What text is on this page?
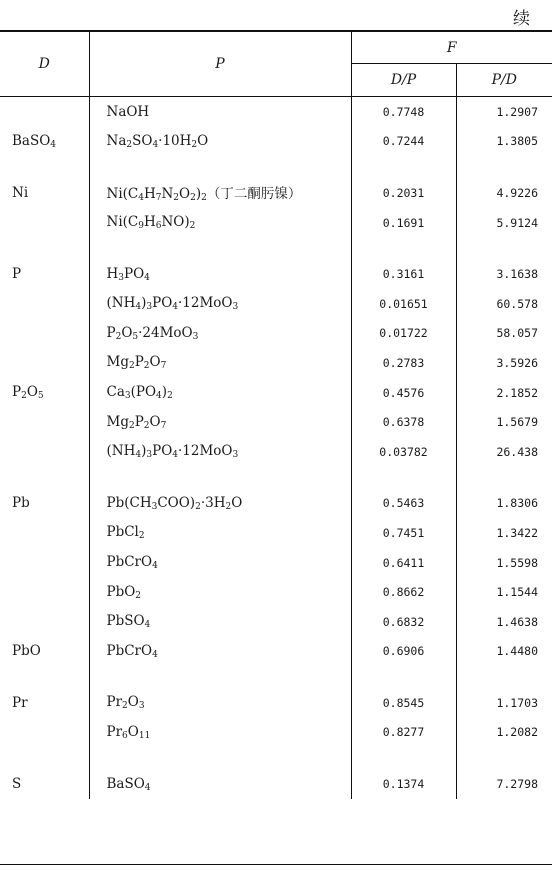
续
D	P	F	
		D/P	P/D
	NaOH	0.7748	1.2907
BaSO$_4$	$Na_2SO_4\cdot 10H_2O$	0.7244	1.3805

Ni	$Ni(C_4H_7N_2O_2)_2$（丁二酮肟镍）	0.2031	4.9226
	$Ni(C_9H_6NO)_2$	0.1691	5.9124

P	$H_3PO_4$	0.3161	3.1638
	$(NH_4)_3PO_4\cdot 12MoO_3$	0.01651	60.578
	$P_2O_5\cdot 24MoO_3$	0.01722	58.057
	$Mg_2P_2O_7$	0.2783	3.5926
$P_2O_5$	$Ca_3(PO_4)_2$	0.4576	2.1852
	$Mg_2P_2O_7$	0.6378	1.5679
	$(NH_4)_3PO_4\cdot 12MoO_3$	0.03782	26.438

Pb	$Pb(CH_3COO)_2\cdot 3H_2O$	0.5463	1.8306
	PbCl$_2$	0.7451	1.3422
	PbCrO$_4$	0.6411	1.5598
	PbO$_2$	0.8662	1.1544
	PbSO$_4$	0.6832	1.4638
PbO	PbCrO$_4$	0.6906	1.4480

Pr	$Pr_2O_3$	0.8545	1.1703
	$Pr_6O_{11}$	0.8277	1.2082

S	BaSO$_4$	0.1374	7.2798
